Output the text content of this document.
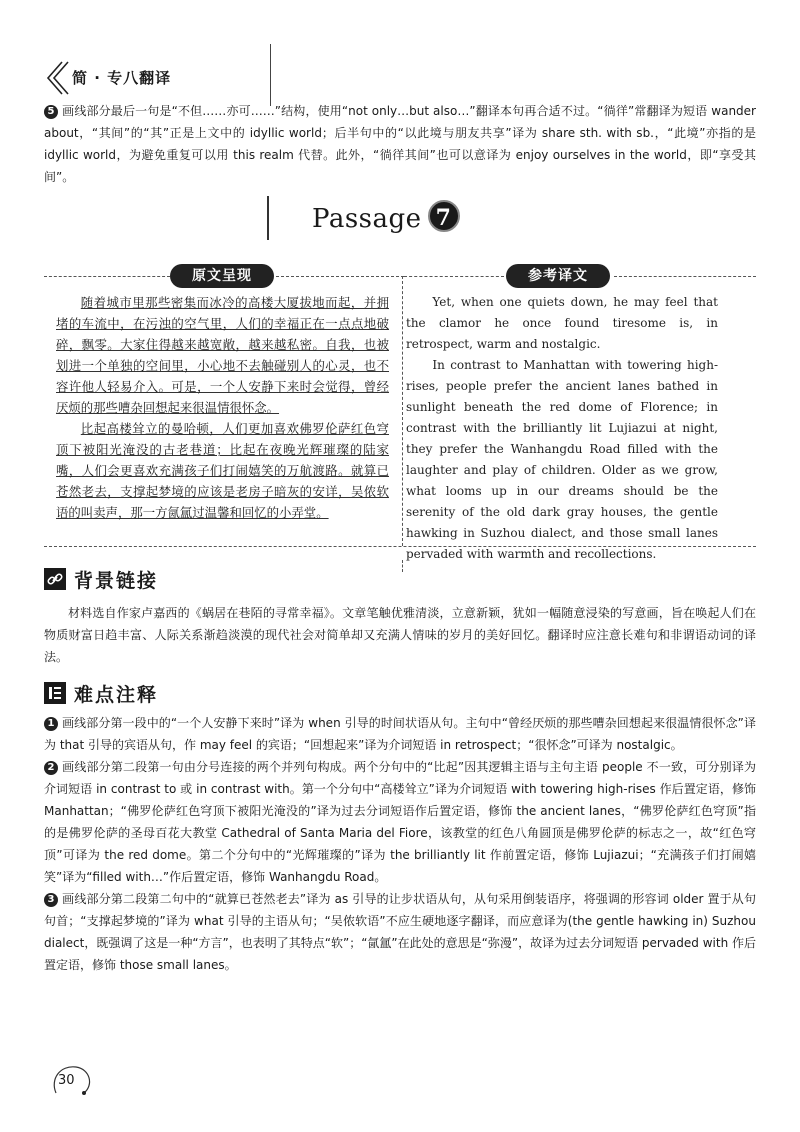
简 · 专八翻译

5 画线部分最后一句是“不但……亦可……”结构，使用“not only…but also…”翻译本句再合适不过。“徜徉”常翻译为短语 wander about，“其间”的“其”正是上文中的 idyllic world；后半句中的“以此境与朋友共享”译为 share sth. with sb.，“此境”亦指的是 idyllic world，为避免重复可以用 this realm 代替。此外，“徜徉其间”也可以意译为 enjoy ourselves in the world，即“享受其间”。

Passage 7
原文呈现	参考译文

随着城市里那些密集而冰冷的高楼大厦拔地而起，并拥堵的车流中，在污浊的空气里，人们的幸福正在一点点地破碎，飘零。大家住得越来越宽敞，越来越私密。自我，也被划进一个单独的空间里，小心地不去触碰别人的心灵，也不容许他人轻易介入。可是，一个人安静下来时会觉得，曾经厌烦的那些嘈杂回想起来很温情很怀念。

比起高楼耸立的曼哈顿，人们更加喜欢佛罗伦萨红色穹顶下被阳光淹没的古老巷道；比起在夜晚光辉璀璨的陆家嘴，人们会更喜欢充满孩子们打闹嬉笑的万航渡路。就算已苍然老去，支撑起梦境的应该是老房子暗灰的安详，吴侬软语的叫卖声，那一方氤氲过温馨和回忆的小弄堂。

Yet, when one quiets down, he may feel that the clamor he once found tiresome is, in retrospect, warm and nostalgic.

In contrast to Manhattan with towering high-rises, people prefer the ancient lanes bathed in sunlight beneath the red dome of Florence; in contrast with the brilliantly lit Lujiazui at night, they prefer the Wanhangdu Road filled with the laughter and play of children. Older as we grow, what looms up in our dreams should be the serenity of the old dark gray houses, the gentle hawking in Suzhou dialect, and those small lanes pervaded with warmth and recollections.

背景链接

材料选自作家卢嘉西的《蜗居在巷陌的寻常幸福》。文章笔触优雅清淡，立意新颖，犹如一幅随意浸染的写意画，旨在唤起人们在物质财富日趋丰富、人际关系渐趋淡漠的现代社会对简单却又充满人情味的岁月的美好回忆。翻译时应注意长难句和非谓语动词的译法。

难点注释

1 画线部分第一段中的“一个人安静下来时”译为 when 引导的时间状语从句。主句中“曾经厌烦的那些嘈杂回想起来很温情很怀念”译为 that 引导的宾语从句，作 may feel 的宾语；“回想起来”译为介词短语 in retrospect；“很怀念”可译为 nostalgic。

2 画线部分第二段第一句由分号连接的两个并列句构成。两个分句中的“比起”因其逻辑主语与主句主语 people 不一致，可分别译为介词短语 in contrast to 或 in contrast with。第一个分句中“高楼耸立”译为介词短语 with towering high-rises 作后置定语，修饰 Manhattan；“佛罗伦萨红色穹顶下被阳光淹没的”译为过去分词短语作后置定语，修饰 the ancient lanes，“佛罗伦萨红色穹顶”指的是佛罗伦萨的圣母百花大教堂 Cathedral of Santa Maria del Fiore，该教堂的红色八角圆顶是佛罗伦萨的标志之一，故“红色穹顶”可译为 the red dome。第二个分句中的“光辉璀璨的”译为 the brilliantly lit 作前置定语，修饰 Lujiazui；“充满孩子们打闹嬉笑”译为“filled with…”作后置定语，修饰 Wanhangdu Road。

3 画线部分第二段第二句中的“就算已苍然老去”译为 as 引导的让步状语从句，从句采用倒装语序，将强调的形容词 older 置于从句句首；“支撑起梦境的”译为 what 引导的主语从句；“吴侬软语”不应生硬地逐字翻译，而应意译为(the gentle hawking in) Suzhou dialect，既强调了这是一种“方言”，也表明了其特点“软”；“氤氲”在此处的意思是“弥漫”，故译为过去分词短语 pervaded with 作后置定语，修饰 those small lanes。

30
